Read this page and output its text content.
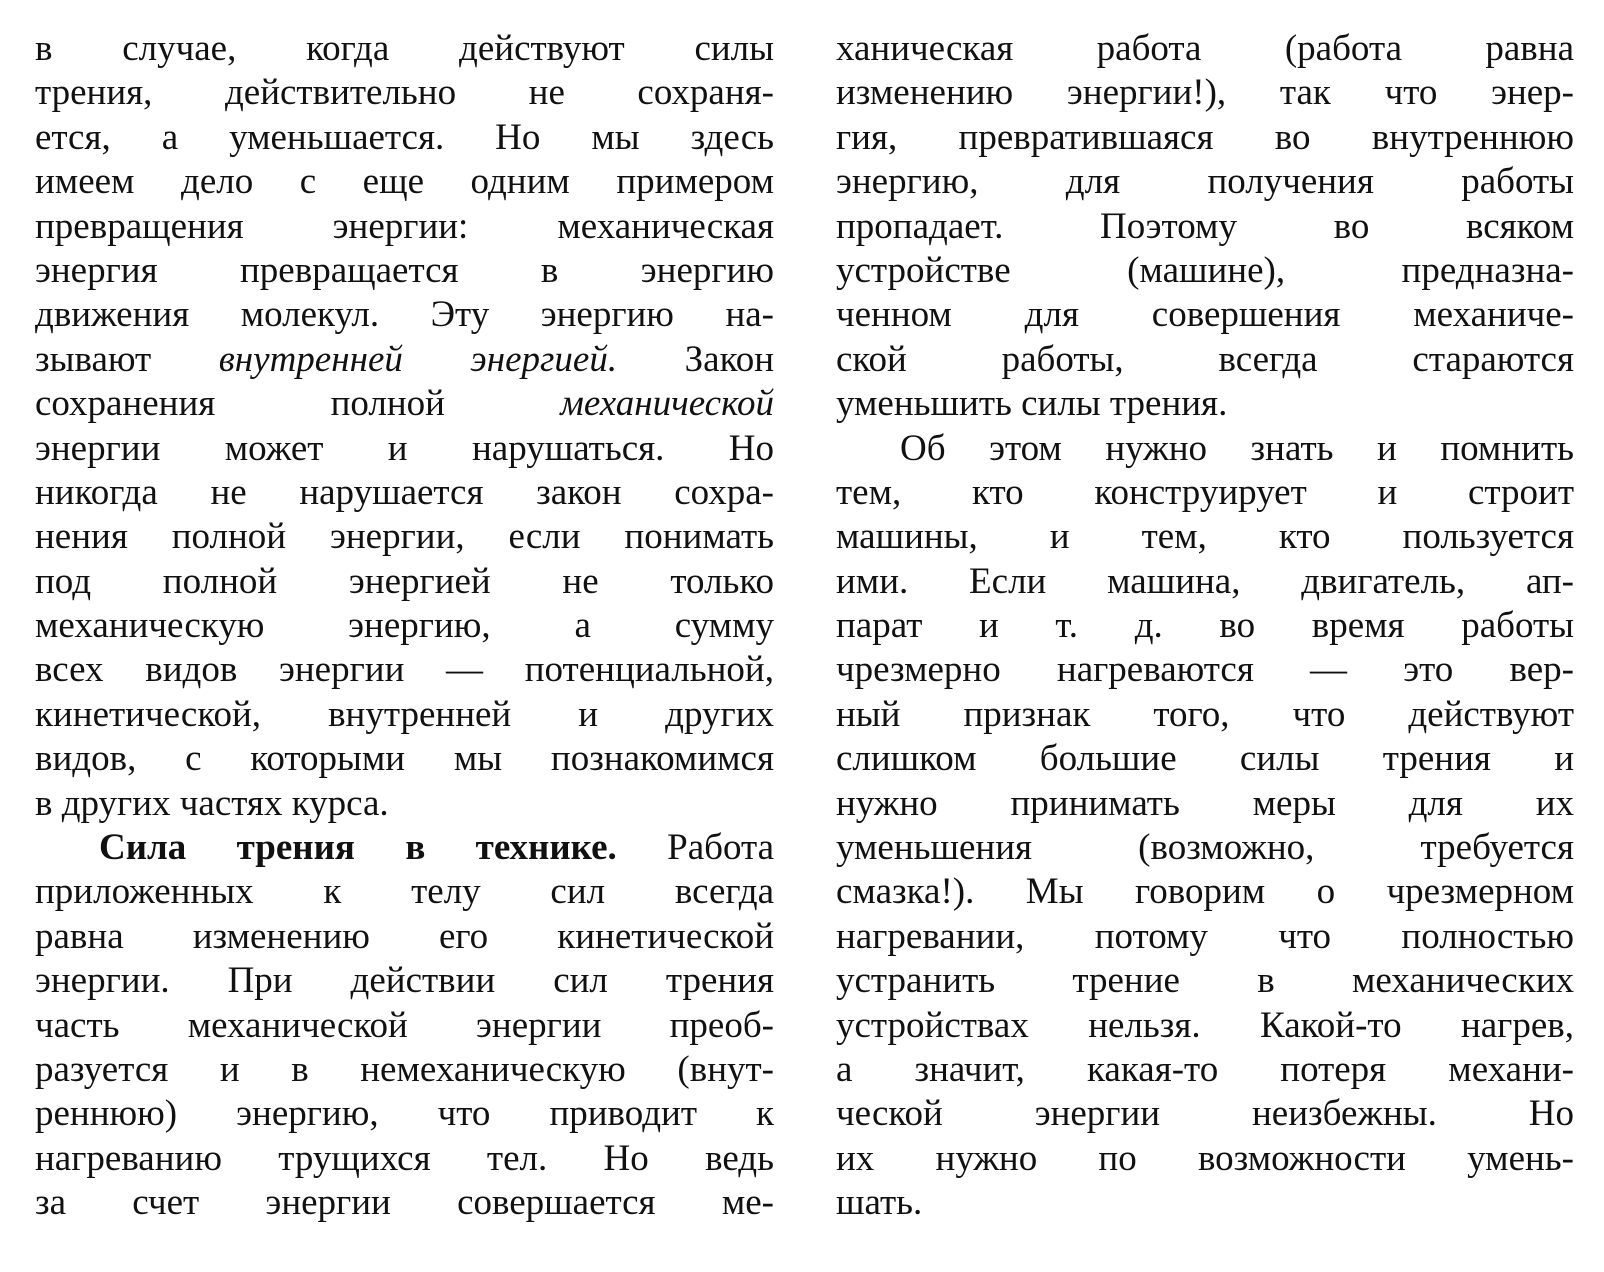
в случае, когда действуют силы
трения, действительно не сохраня-
ется, а уменьшается. Но мы здесь
имеем дело с еще одним примером
превращения энергии: механическая
энергия превращается в энергию
движения молекул. Эту энергию на-
зывают внутренней энергией. Закон
сохранения полной механической
энергии может и нарушаться. Но
никогда не нарушается закон сохра-
нения полной энергии, если понимать
под полной энергией не только
механическую энергию, а сумму
всех видов энергии — потенциальной,
кинетической, внутренней и других
видов, с которыми мы познакомимся
в других частях курса.
Сила трения в технике. Работа
приложенных к телу сил всегда
равна изменению его кинетической
энергии. При действии сил трения
часть механической энергии преоб-
разуется и в немеханическую (внут-
реннюю) энергию, что приводит к
нагреванию трущихся тел. Но ведь
за счет энергии совершается ме-
ханическая работа (работа равна
изменению энергии!), так что энер-
гия, превратившаяся во внутреннюю
энергию, для получения работы
пропадает. Поэтому во всяком
устройстве (машине), предназна-
ченном для совершения механиче-
ской работы, всегда стараются
уменьшить силы трения.
Об этом нужно знать и помнить
тем, кто конструирует и строит
машины, и тем, кто пользуется
ими. Если машина, двигатель, ап-
парат и т. д. во время работы
чрезмерно нагреваются — это вер-
ный признак того, что действуют
слишком большие силы трения и
нужно принимать меры для их
уменьшения (возможно, требуется
смазка!). Мы говорим о чрезмерном
нагревании, потому что полностью
устранить трение в механических
устройствах нельзя. Какой-то нагрев,
а значит, какая-то потеря механи-
ческой энергии неизбежны. Но
их нужно по возможности умень-
шать.
